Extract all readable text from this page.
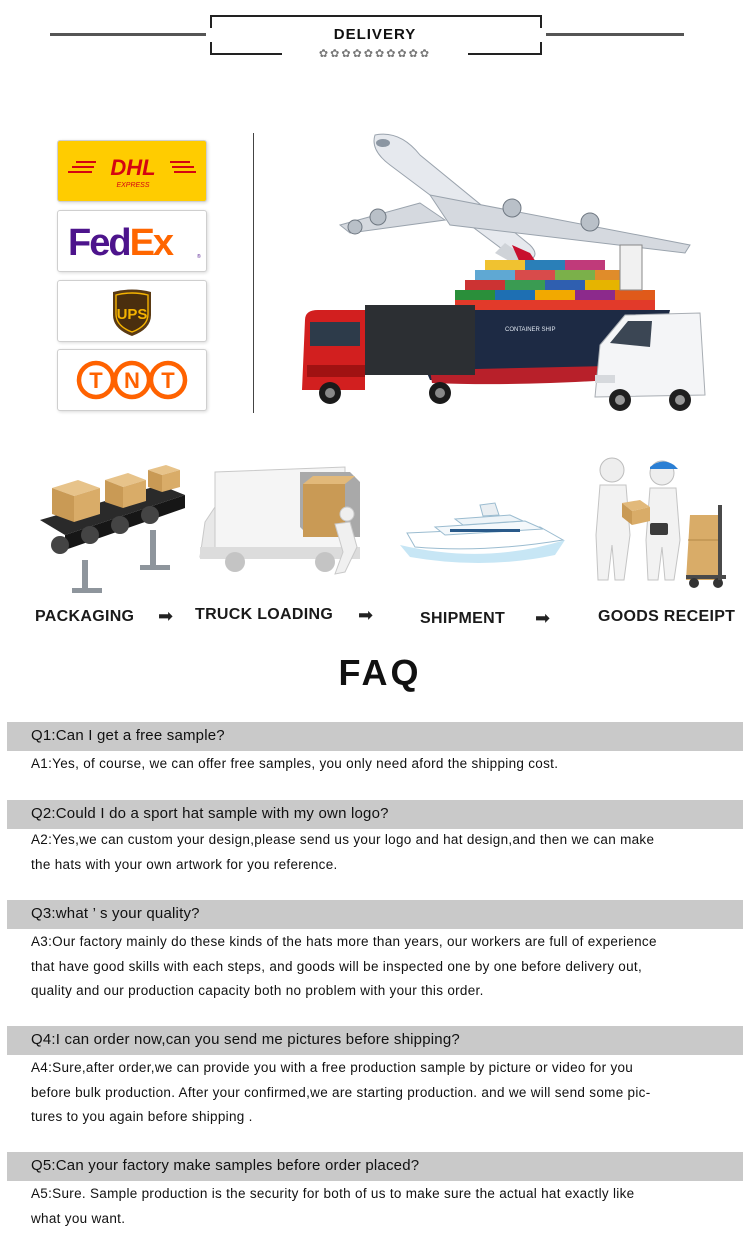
DELIVERY
✿✿✿✿✿✿✿✿✿✿
DHL
EXPRESS
FedEx	®
UPS
T N T
CONTAINER SHIP
PACKAGING ➡ TRUCK LOADING ➡	SHIPMENT ➡	GOODS RECEIPT
FAQ
Q1:Can I get a free sample?
A1:Yes, of course, we can offer free samples, you only need aford the shipping cost.
Q2:Could I do a sport hat sample with my own logo?
A2:Yes,we can custom your design,please send us your logo and hat design,and then we can make
the hats with your own artwork for you reference.
Q3:what ’ s your quality?
A3:Our factory mainly do these kinds of the hats more than years, our workers are full of experience
that have good skills with each steps, and goods will be inspected one by one before delivery out,
quality and our production capacity both no problem with your this order.
Q4:I can order now,can you send me pictures before shipping?
A4:Sure,after order,we can provide you with a free production sample by picture or video for you
before bulk production. After your confirmed,we are starting production. and we will send some pic-
tures to you again before shipping .
Q5:Can your factory make samples before order placed?
A5:Sure. Sample production is the security for both of us to make sure the actual hat exactly like
what you want.
